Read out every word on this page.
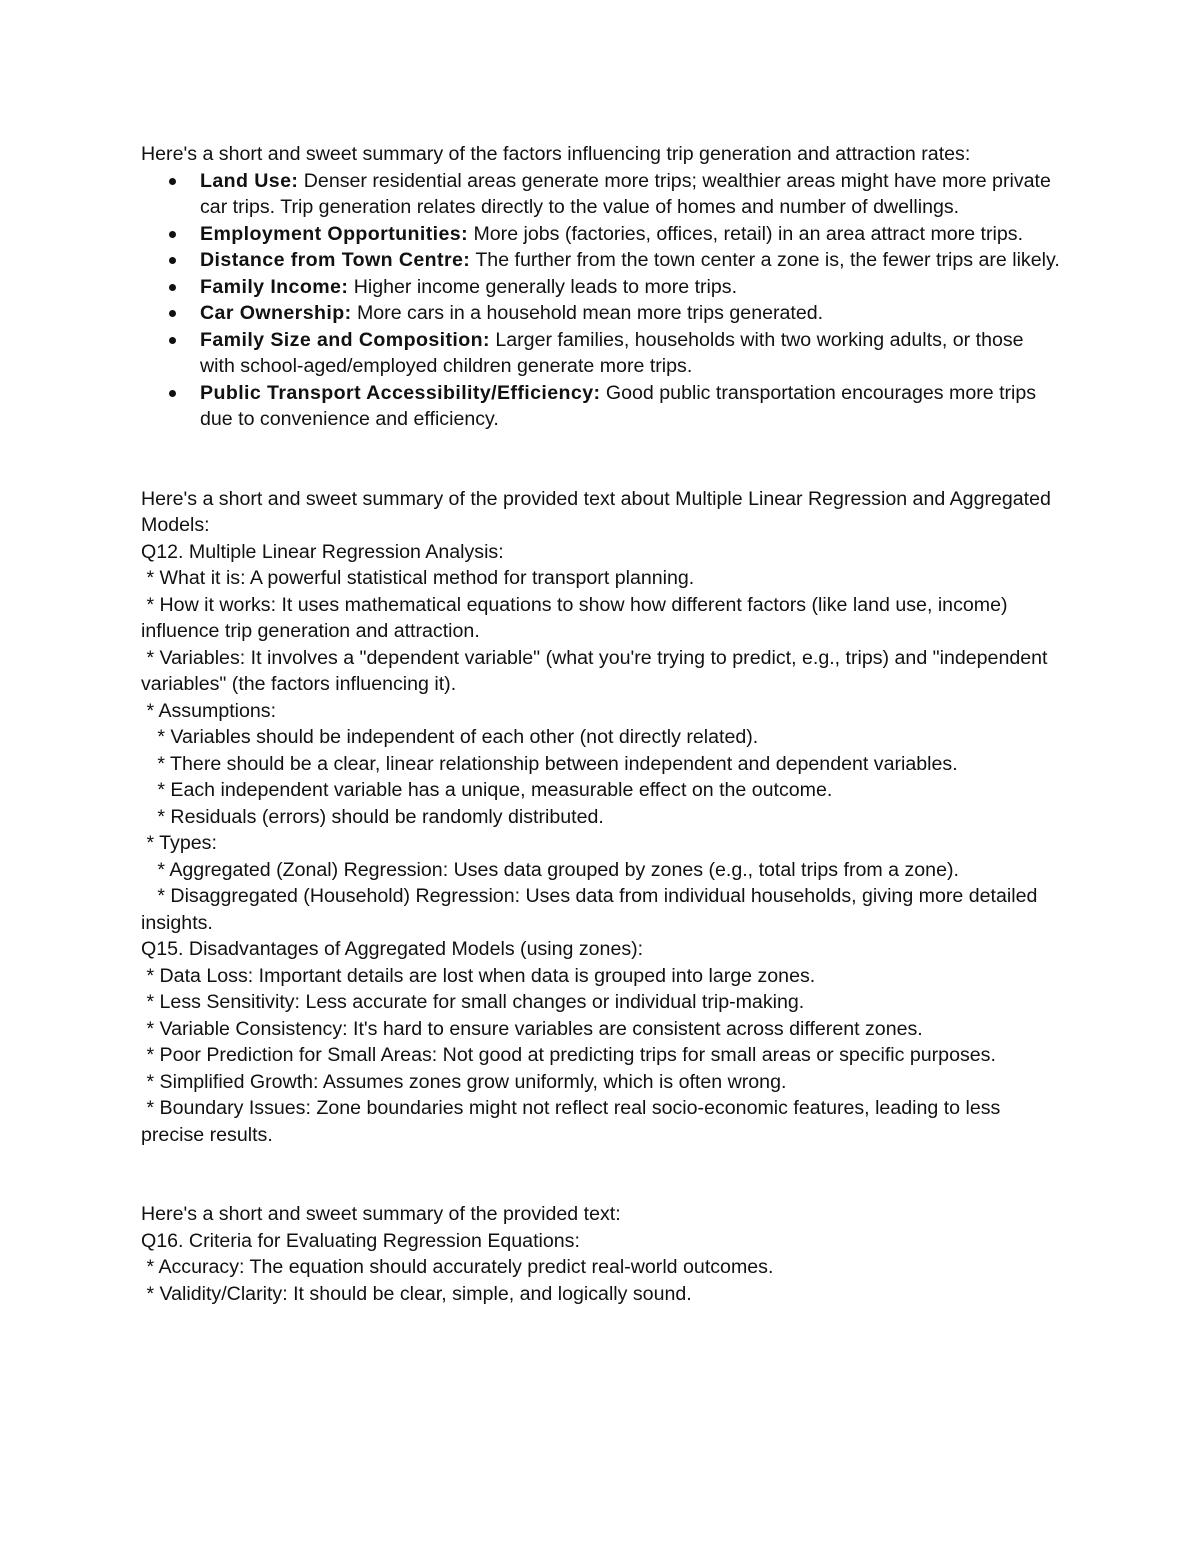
Here's a short and sweet summary of the factors influencing trip generation and attraction rates:

Land Use: Denser residential areas generate more trips; wealthier areas might have more private car trips. Trip generation relates directly to the value of homes and number of dwellings.
Employment Opportunities: More jobs (factories, offices, retail) in an area attract more trips.
Distance from Town Centre: The further from the town center a zone is, the fewer trips are likely.
Family Income: Higher income generally leads to more trips.
Car Ownership: More cars in a household mean more trips generated.
Family Size and Composition: Larger families, households with two working adults, or those with school-aged/employed children generate more trips.
Public Transport Accessibility/Efficiency: Good public transportation encourages more trips due to convenience and efficiency.

Here's a short and sweet summary of the provided text about Multiple Linear Regression and Aggregated Models:

Q12. Multiple Linear Regression Analysis:

* What it is: A powerful statistical method for transport planning.

* How it works: It uses mathematical equations to show how different factors (like land use, income) influence trip generation and attraction.

* Variables: It involves a "dependent variable" (what you're trying to predict, e.g., trips) and "independent variables" (the factors influencing it).

* Assumptions:

* Variables should be independent of each other (not directly related).

* There should be a clear, linear relationship between independent and dependent variables.

* Each independent variable has a unique, measurable effect on the outcome.

* Residuals (errors) should be randomly distributed.

* Types:

* Aggregated (Zonal) Regression: Uses data grouped by zones (e.g., total trips from a zone).

* Disaggregated (Household) Regression: Uses data from individual households, giving more detailed insights.

Q15. Disadvantages of Aggregated Models (using zones):

* Data Loss: Important details are lost when data is grouped into large zones.

* Less Sensitivity: Less accurate for small changes or individual trip-making.

* Variable Consistency: It's hard to ensure variables are consistent across different zones.

* Poor Prediction for Small Areas: Not good at predicting trips for small areas or specific purposes.

* Simplified Growth: Assumes zones grow uniformly, which is often wrong.

* Boundary Issues: Zone boundaries might not reflect real socio-economic features, leading to less precise results.

Here's a short and sweet summary of the provided text:

Q16. Criteria for Evaluating Regression Equations:

* Accuracy: The equation should accurately predict real-world outcomes.

* Validity/Clarity: It should be clear, simple, and logically sound.
